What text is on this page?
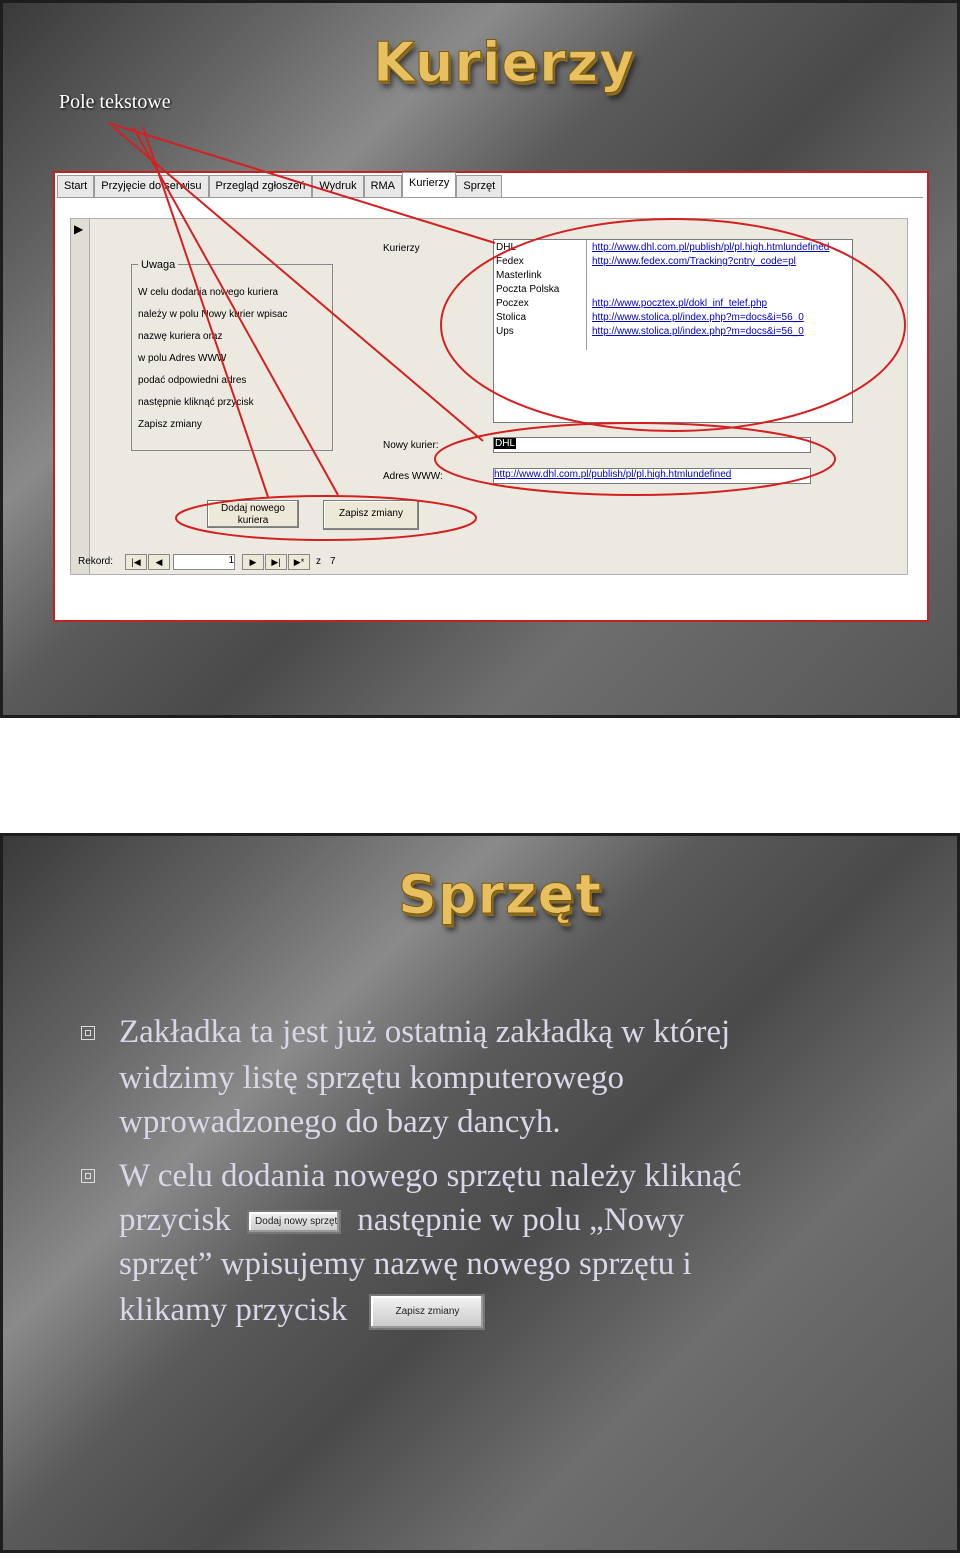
Kurierzy
Pole tekstowe
Start	Przyjęcie do serwisu	Przegląd zgłoszeń	Wydruk	RMA	Kurierzy	Sprzęt
▶
Uwaga

W celu dodania nowego kuriera

należy w polu Nowy kurier wpisac

nazwę kuriera oraz

w polu Adres WWW

podać odpowiedni adres

następnie kliknąć przycisk

Zapisz zmiany

Kurierzy	DHL	http://www.dhl.com.pl/publish/pl/pl.high.htmlundefined
Fedex	http://www.fedex.com/Tracking?cntry_code=pl
Masterlink
Poczta Polska
Poczex	http://www.pocztex.pl/dokl_inf_telef.php
Stolica	http://www.stolica.pl/index.php?m=docs&i=56_0
Ups	http://www.stolica.pl/index.php?m=docs&i=56_0
Nowy kurier:	DHL
Adres WWW:	http://www.dhl.com.pl/publish/pl/pl.high.htmlundefined
Dodaj nowego kuriera
Zapisz zmiany
Rekord:	|◀	◀	1	▶	▶|	▶*	z 7
Sprzęt
Zakładka ta jest już ostatnią zakładką w której
widzimy listę sprzętu komputerowego
wprowadzonego do bazy dancyh.
W celu dodania nowego sprzętu należy kliknąć
przycisk Dodaj nowy sprzęt następnie w polu „Nowy
sprzęt” wpisujemy nazwę nowego sprzętu i
klikamy przycisk	Zapisz zmiany
